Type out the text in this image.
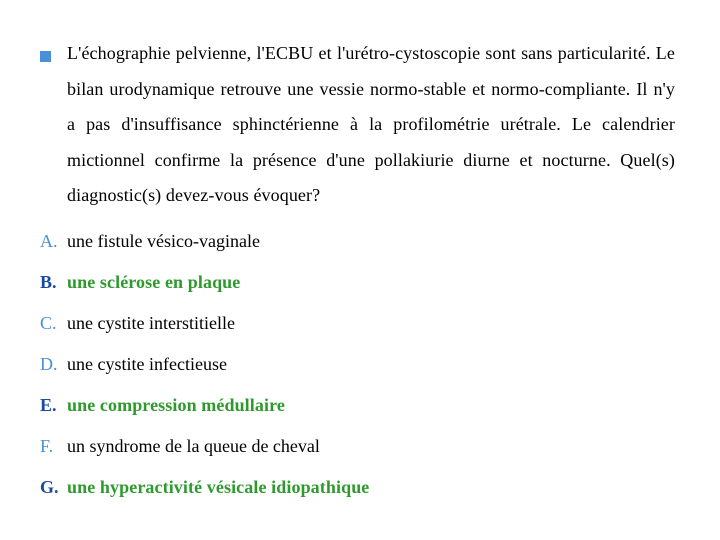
L'échographie pelvienne, l'ECBU et l'urétro-cystoscopie sont sans particularité. Le bilan urodynamique retrouve une vessie normo-stable et normo-compliante. Il n'y a pas d'insuffisance sphinctérienne à la profilométrie urétrale. Le calendrier mictionnel confirme la présence d'une pollakiurie diurne et nocturne. Quel(s) diagnostic(s) devez-vous évoquer?
A. une fistule vésico-vaginale
B. une sclérose en plaque
C. une cystite interstitielle
D. une cystite infectieuse
E. une compression médullaire
F. un syndrome de la queue de cheval
G. une hyperactivité vésicale idiopathique
